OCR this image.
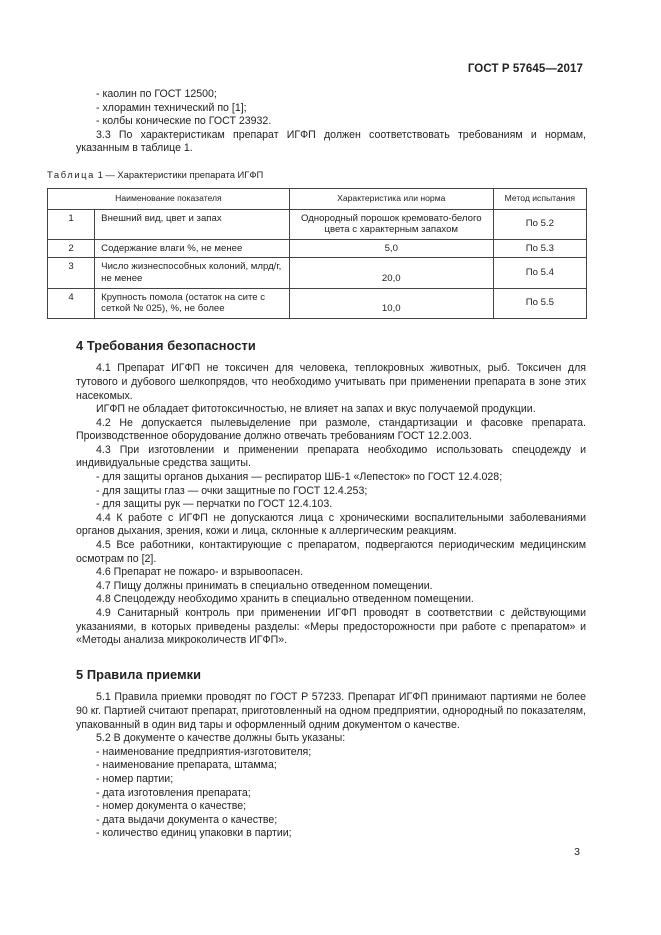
ГОСТ Р 57645—2017

- каолин по ГОСТ 12500;

- хлорамин технический по [1];

- колбы конические по ГОСТ 23932.

3.3 По характеристикам препарат ИГФП должен соответствовать требованиям и нормам, указанным в таблице 1.

Таблица 1 — Характеристики препарата ИГФП

Наименование показателя		Характеристика или норма	Метод испытания
1	Внешний вид, цвет и запах	Однородный порошок кремовато-белого цвета с характерным запахом	По 5.2
2	Содержание влаги %, не менее	5,0	По 5.3
3	Число жизнеспособных колоний, млрд/г, не менее	20,0	По 5.4
4	Крупность помола (остаток на сите с сеткой № 025), %, не более	10,0	По 5.5
4 Требования безопасности

4.1 Препарат ИГФП не токсичен для человека, теплокровных животных, рыб. Токсичен для тутового и дубового шелкопрядов, что необходимо учитывать при применении препарата в зоне этих насекомых.

ИГФП не обладает фитотоксичностью, не влияет на запах и вкус получаемой продукции.

4.2 Не допускается пылевыделение при размоле, стандартизации и фасовке препарата. Производственное оборудование должно отвечать требованиям ГОСТ 12.2.003.

4.3 При изготовлении и применении препарата необходимо использовать спецодежду и индивидуальные средства защиты.

- для защиты органов дыхания — респиратор ШБ-1 «Лепесток» по ГОСТ 12.4.028;

- для защиты глаз — очки защитные по ГОСТ 12.4.253;

- для защиты рук — перчатки по ГОСТ 12.4.103.

4.4 К работе с ИГФП не допускаются лица с хроническими воспалительными заболеваниями органов дыхания, зрения, кожи и лица, склонные к аллергическим реакциям.

4.5 Все работники, контактирующие с препаратом, подвергаются периодическим медицинским осмотрам по [2].

4.6 Препарат не пожаро- и взрывоопасен.

4.7 Пищу должны принимать в специально отведенном помещении.

4.8 Спецодежду необходимо хранить в специально отведенном помещении.

4.9 Санитарный контроль при применении ИГФП проводят в соответствии с действующими указаниями, в которых приведены разделы: «Меры предосторожности при работе с препаратом» и «Методы анализа микроколичеств ИГФП».

5 Правила приемки

5.1 Правила приемки проводят по ГОСТ Р 57233. Препарат ИГФП принимают партиями не более 90 кг. Партией считают препарат, приготовленный на одном предприятии, однородный по показателям, упакованный в один вид тары и оформленный одним документом о качестве.

5.2 В документе о качестве должны быть указаны:

- наименование предприятия-изготовителя;

- наименование препарата, штамма;

- номер партии;

- дата изготовления препарата;

- номер документа о качестве;

- дата выдачи документа о качестве;

- количество единиц упаковки в партии;

3
